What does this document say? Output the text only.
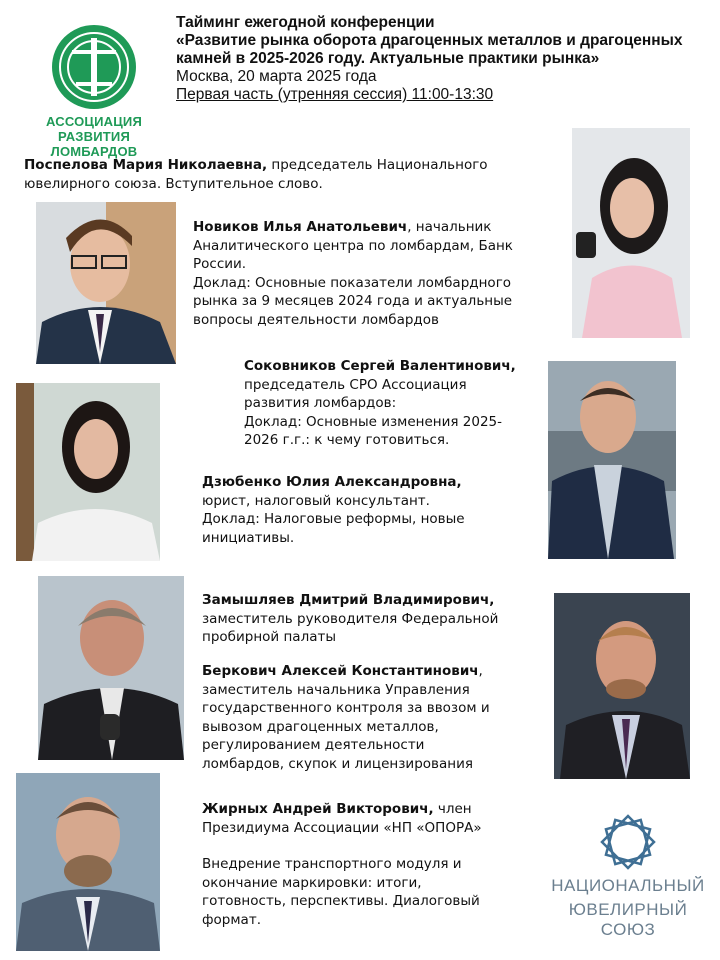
АССОЦИАЦИЯ
РАЗВИТИЯ ЛОМБАРДОВ
Тайминг ежегодной конференции
«Развитие рынка оборота драгоценных металлов и драгоценных
камней в 2025-2026 году. Актуальные практики рынка»
Москва, 20 марта 2025 года
Первая часть (утренняя сессия) 11:00-13:30
Поспелова Мария Николаевна, председатель Национального
ювелирного союза. Вступительное слово.
Новиков Илья Анатольевич, начальник
Аналитического центра по ломбардам, Банк
России.
Доклад: Основные показатели ломбардного
рынка за 9 месяцев 2024 года и актуальные
вопросы деятельности ломбардов
Соковников Сергей Валентинович,
председатель СРО Ассоциация
развития ломбардов:
Доклад: Основные изменения 2025-
2026 г.г.: к чему готовиться.
Дзюбенко Юлия Александровна,
юрист, налоговый консультант.
Доклад: Налоговые реформы, новые
инициативы.
Замышляев Дмитрий Владимирович,
заместитель руководителя Федеральной
пробирной палаты
Беркович Алексей Константинович,
заместитель начальника Управления
государственного контроля за ввозом и
вывозом драгоценных металлов,
регулированием деятельности
ломбардов, скупок и лицензирования
Жирных Андрей Викторович, член
Президиума Ассоциации «НП «ОПОРА»
Внедрение транспортного модуля и
окончание маркировки: итоги,
готовность, перспективы. Диалоговый
формат.
НАЦИОНАЛЬНЫЙ
ЮВЕЛИРНЫЙ СОЮЗ
